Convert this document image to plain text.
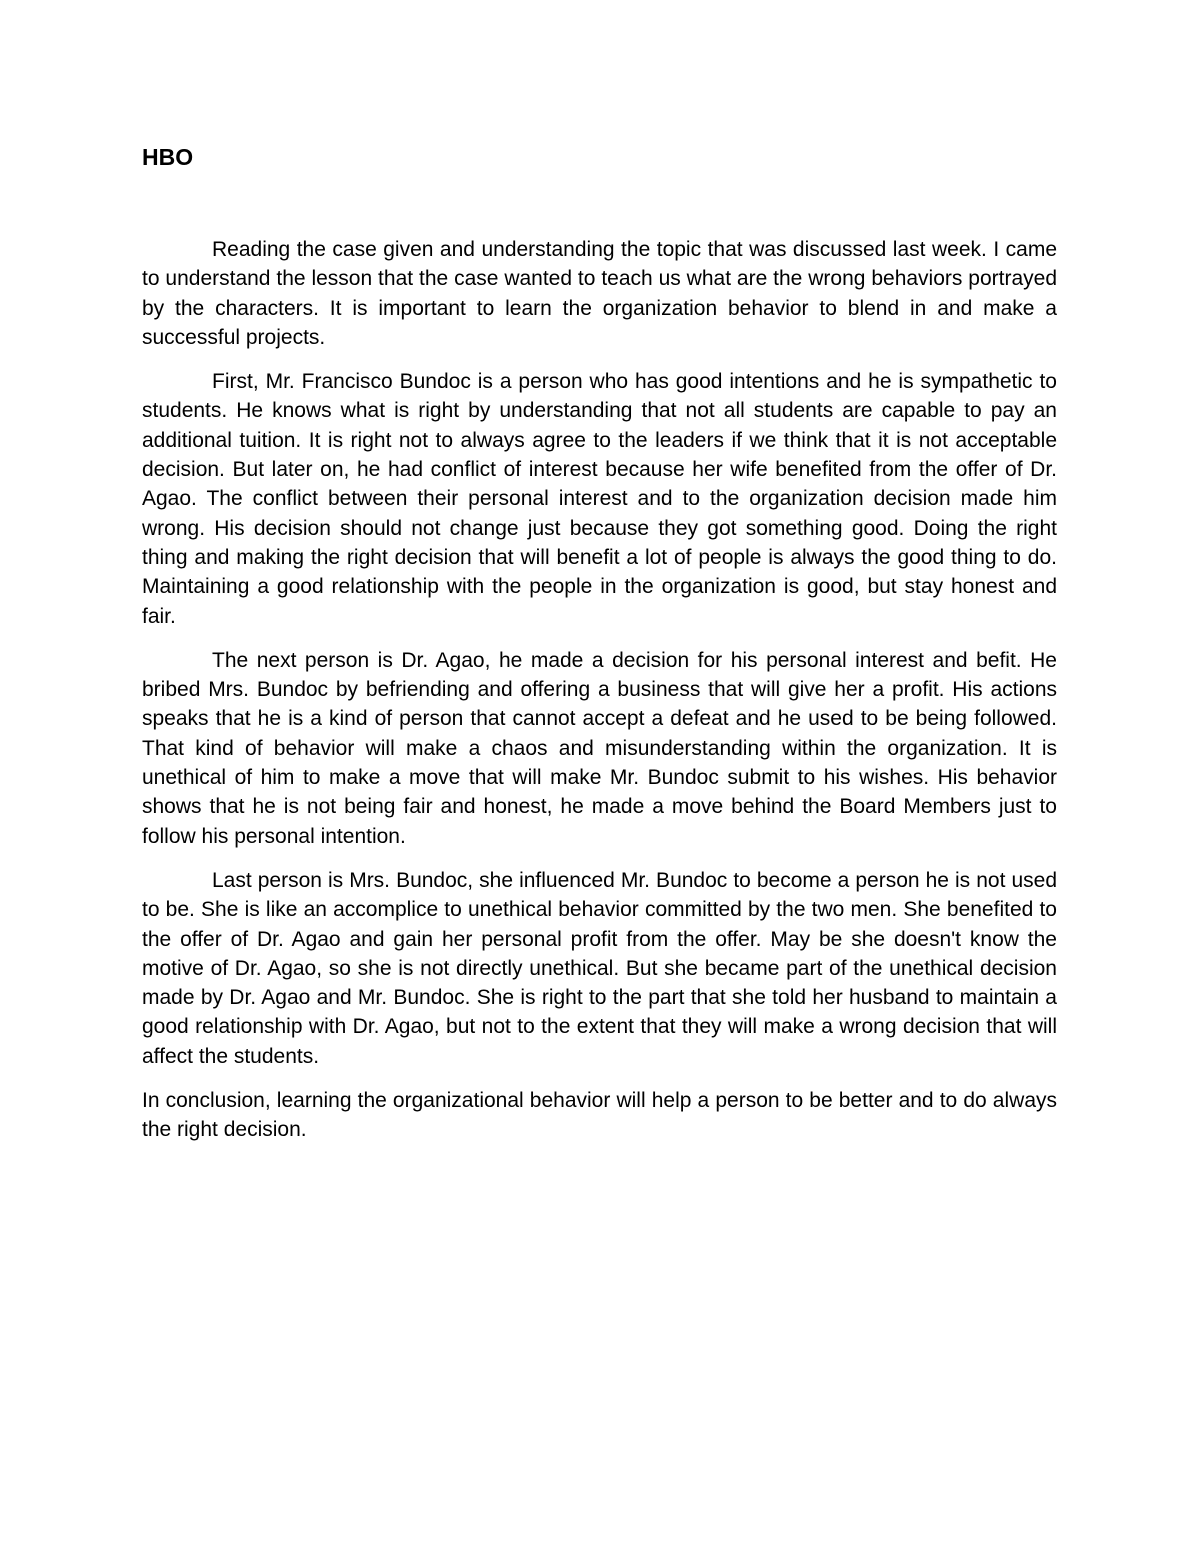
HBO

Reading the case given and understanding the topic that was discussed last week. I came to understand the lesson that the case wanted to teach us what are the wrong behaviors portrayed by the characters. It is important to learn the organization behavior to blend in and make a successful projects.

First, Mr. Francisco Bundoc is a person who has good intentions and he is sympathetic to students. He knows what is right by understanding that not all students are capable to pay an additional tuition. It is right not to always agree to the leaders if we think that it is not acceptable decision. But later on, he had conflict of interest because her wife benefited from the offer of Dr. Agao. The conflict between their personal interest and to the organization decision made him wrong. His decision should not change just because they got something good. Doing the right thing and making the right decision that will benefit a lot of people is always the good thing to do. Maintaining a good relationship with the people in the organization is good, but stay honest and fair.

The next person is Dr. Agao, he made a decision for his personal interest and befit. He bribed Mrs. Bundoc by befriending and offering a business that will give her a profit. His actions speaks that he is a kind of person that cannot accept a defeat and he used to be being followed. That kind of behavior will make a chaos and misunderstanding within the organization. It is unethical of him to make a move that will make Mr. Bundoc submit to his wishes. His behavior shows that he is not being fair and honest, he made a move behind the Board Members just to follow his personal intention.

Last person is Mrs. Bundoc, she influenced Mr. Bundoc to become a person he is not used to be. She is like an accomplice to unethical behavior committed by the two men. She benefited to the offer of Dr. Agao and gain her personal profit from the offer. May be she doesn't know the motive of Dr. Agao, so she is not directly unethical. But she became part of the unethical decision made by Dr. Agao and Mr. Bundoc. She is right to the part that she told her husband to maintain a good relationship with Dr. Agao, but not to the extent that they will make a wrong decision that will affect the students.

In conclusion, learning the organizational behavior will help a person to be better and to do always the right decision.
